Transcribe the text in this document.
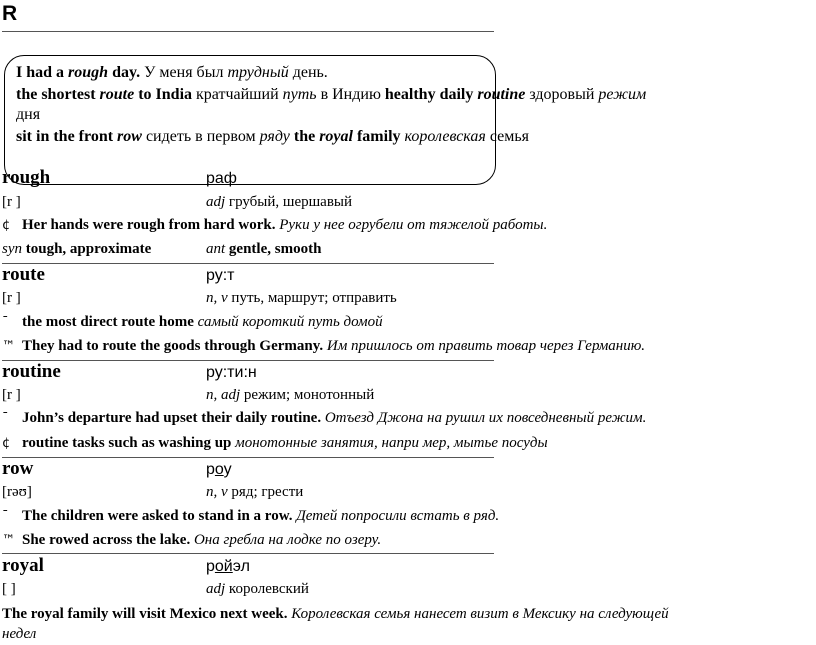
R
I had a rough day. У меня был трудный день.
the shortest route to India кратчайший путь в Индию healthy daily routine здоровый режим
дня
sit in the front row сидеть в первом ряду the royal family королевская семья
rough	раф
[r ]	adj грубый, шершавый
¢ Her hands were rough from hard work. Руки у нее огрубели от тяжелой работы.
syn tough, approximate	ant gentle, smooth
route	ру:т
[r ]	n, v путь, маршрут; отправить
ˉ the most direct route home самый короткий путь домой
™ They had to route the goods through Germany. Им пришлось от править товар через Германию.
routine	ру:ти:н
[r ]	n, adj режим; монотонный
ˉ John’s departure had upset their daily routine. Отъезд Джона на рушил их повседневный режим.
¢ routine tasks such as washing up монотонные занятия, напри мер, мытье посуды
row	роу
[rəʊ]	n, v ряд; грести
ˉ The children were asked to stand in a row. Детей попросили встать в ряд.
™ She rowed across the lake. Она гребла на лодке по озеру.
royal	ройэл
[ ]	adj королевский
The royal family will visit Mexico next week. Королевская семья нанесет визит в Мексику на следующей
недел
